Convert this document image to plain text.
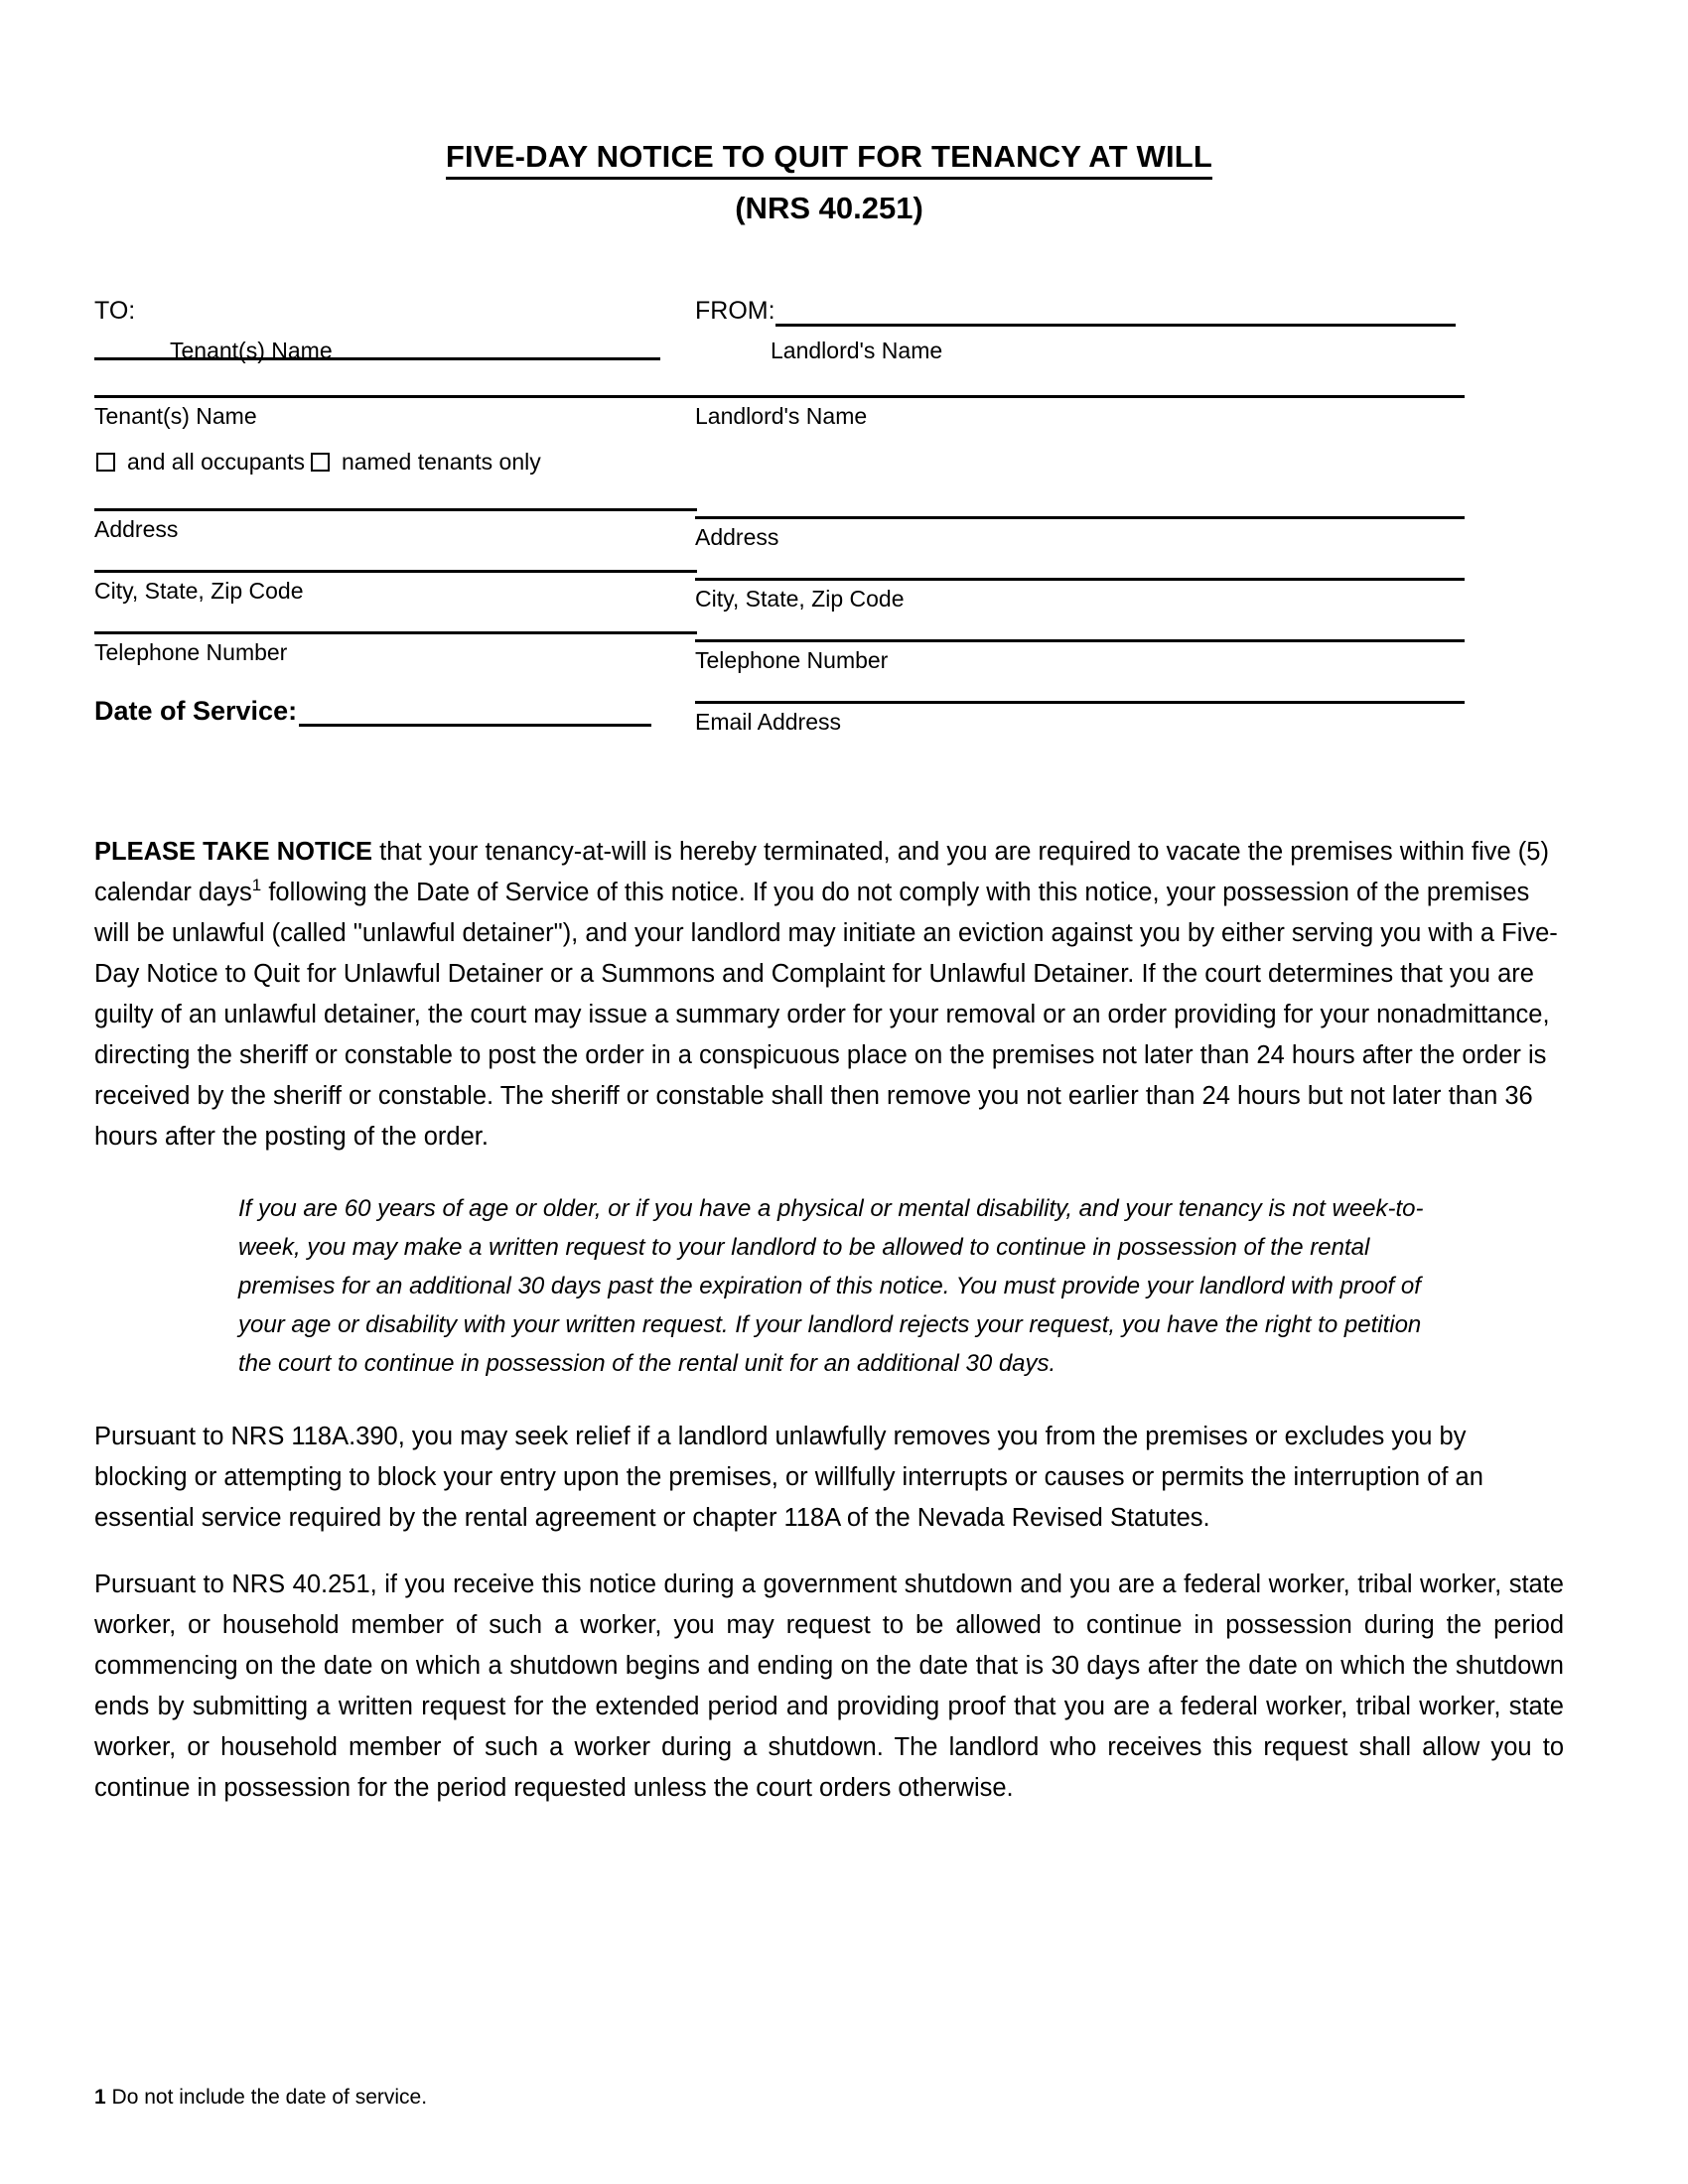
FIVE-DAY NOTICE TO QUIT FOR TENANCY AT WILL
(NRS 40.251)
TO:
Tenant(s) Name
Tenant(s) Name
and all occupants named tenants only
Address
City, State, Zip Code
Telephone Number
FROM:
Landlord's Name
Landlord's Name
Address
City, State, Zip Code
Telephone Number
Email Address
Date of Service:

PLEASE TAKE NOTICE that your tenancy-at-will is hereby terminated, and you are required to vacate the premises within five (5) calendar days$^1$ following the Date of Service of this notice. If you do not comply with this notice, your possession of the premises will be unlawful (called "unlawful detainer"), and your landlord may initiate an eviction against you by either serving you with a Five-Day Notice to Quit for Unlawful Detainer or a Summons and Complaint for Unlawful Detainer. If the court determines that you are guilty of an unlawful detainer, the court may issue a summary order for your removal or an order providing for your nonadmittance, directing the sheriff or constable to post the order in a conspicuous place on the premises not later than 24 hours after the order is received by the sheriff or constable. The sheriff or constable shall then remove you not earlier than 24 hours but not later than 36 hours after the posting of the order.

If you are 60 years of age or older, or if you have a physical or mental disability, and your tenancy is not week-to-week, you may make a written request to your landlord to be allowed to continue in possession of the rental premises for an additional 30 days past the expiration of this notice. You must provide your landlord with proof of your age or disability with your written request. If your landlord rejects your request, you have the right to petition the court to continue in possession of the rental unit for an additional 30 days.

Pursuant to NRS 118A.390, you may seek relief if a landlord unlawfully removes you from the premises or excludes you by blocking or attempting to block your entry upon the premises, or willfully interrupts or causes or permits the interruption of an essential service required by the rental agreement or chapter 118A of the Nevada Revised Statutes.

Pursuant to NRS 40.251, if you receive this notice during a government shutdown and you are a federal worker, tribal worker, state worker, or household member of such a worker, you may request to be allowed to continue in possession during the period commencing on the date on which a shutdown begins and ending on the date that is 30 days after the date on which the shutdown ends by submitting a written request for the extended period and providing proof that you are a federal worker, tribal worker, state worker, or household member of such a worker during a shutdown. The landlord who receives this request shall allow you to continue in possession for the period requested unless the court orders otherwise.

1 Do not include the date of service.
